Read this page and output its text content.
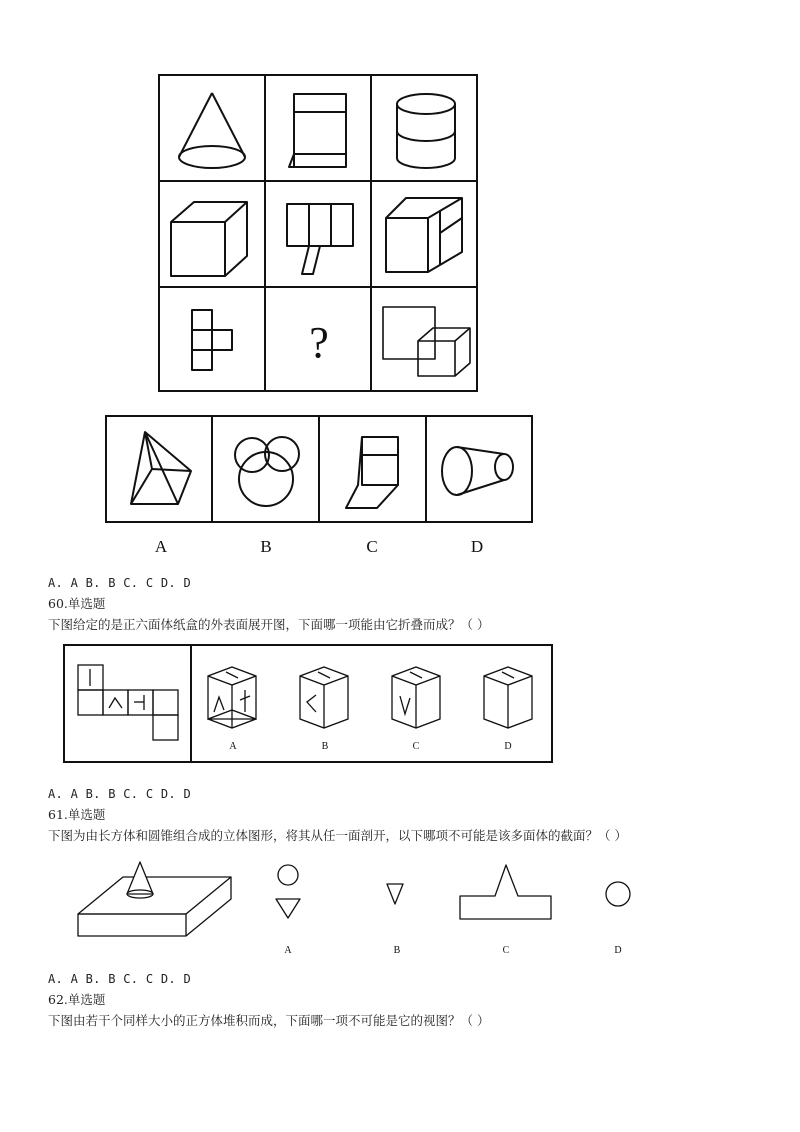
?
A	B	C	D
A. A B. B C. C D. D
60.单选题
下图给定的是正六面体纸盒的外表面展开图，下面哪一项能由它折叠而成？（ ）
A	B	C	D
A. A B. B C. C D. D
61.单选题
下图为由长方体和圆锥组合成的立体图形，将其从任一面剖开，以下哪项不可能是该多面体的截面？（ ）
A	B	C	D
A. A B. B C. C D. D
62.单选题
下图由若干个同样大小的正方体堆积而成，下面哪一项不可能是它的视图？（ ）
